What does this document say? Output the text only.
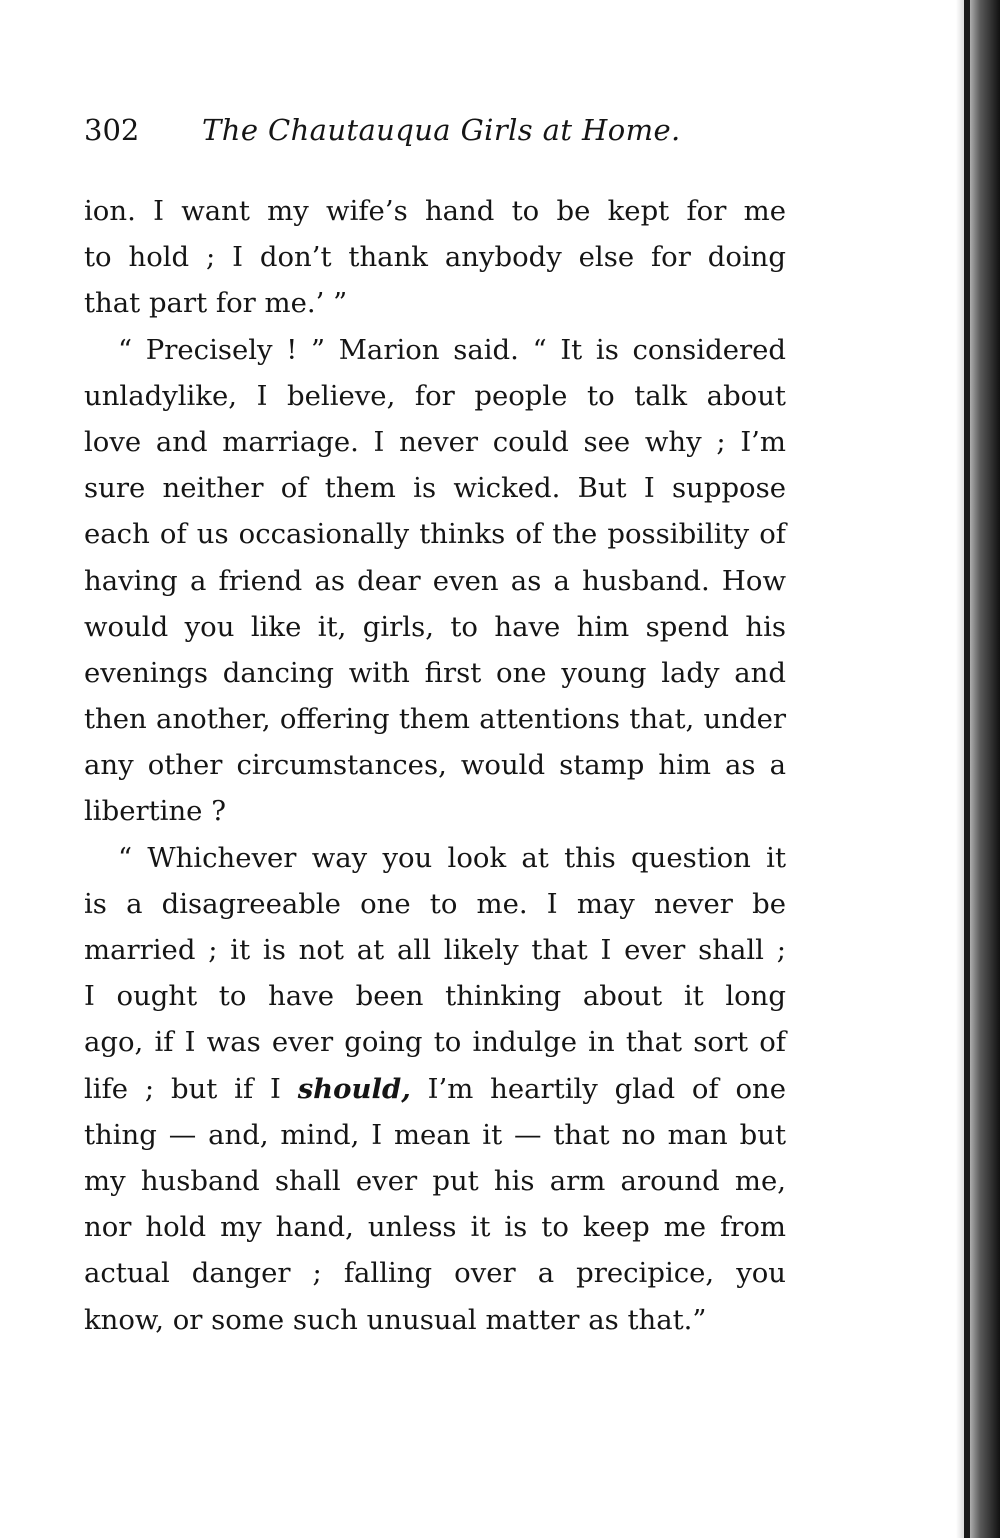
302 The Chautauqua Girls at Home.
ion. I want my wife’s hand to be kept for me
to hold ; I don’t thank anybody else for doing
that part for me.’ ”
“ Precisely ! ” Marion said. “ It is considered
unladylike, I believe, for people to talk about
love and marriage. I never could see why ; I’m
sure neither of them is wicked. But I suppose
each of us occasionally thinks of the possibility of
having a friend as dear even as a husband. How
would you like it, girls, to have him spend his
evenings dancing with first one young lady and
then another, offering them attentions that, under
any other circumstances, would stamp him as a
libertine ?
“ Whichever way you look at this question it
is a disagreeable one to me. I may never be
married ; it is not at all likely that I ever shall ;
I ought to have been thinking about it long
ago, if I was ever going to indulge in that sort of
life ; but if I should, I’m heartily glad of one
thing — and, mind, I mean it — that no man but
my husband shall ever put his arm around me,
nor hold my hand, unless it is to keep me from
actual danger ; falling over a precipice, you
know, or some such unusual matter as that.”
